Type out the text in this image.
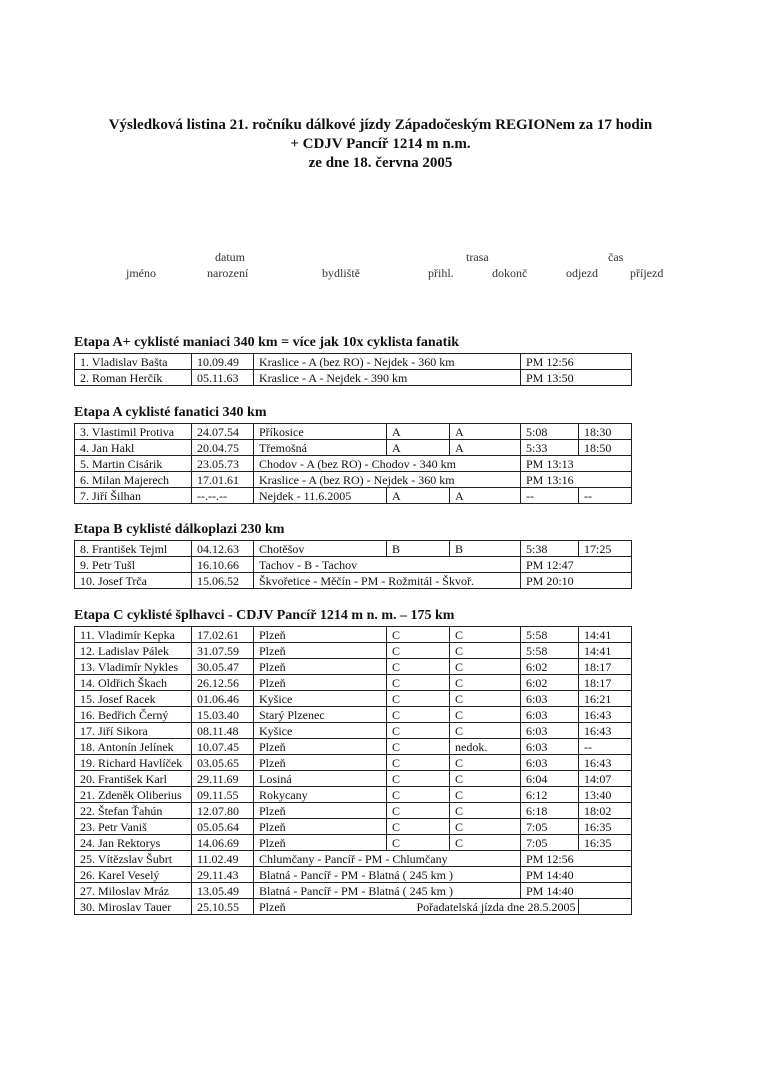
Výsledková listina 21. ročníku dálkové jízdy Západočeským REGIONem za 17 hodin
+ CDJV Pancíř 1214 m n.m.
ze dne 18. června 2005
datum	trasa	čas
jméno	narození	bydliště	přihl.	dokonč	odjezd	příjezd
Etapa A+ cyklisté maniaci 340 km = více jak 10x cyklista fanatik
1. Vladislav Bašta	10.09.49	Kraslice - A (bez RO) - Nejdek - 360 km	PM 12:56
2. Roman Herčík	05.11.63	Kraslice - A - Nejdek - 390 km	PM 13:50
Etapa A cyklisté fanatici 340 km
3. Vlastimil Protiva	24.07.54	Příkosice	A	A	5:08	18:30
4. Jan Hakl	20.04.75	Třemošná	A	A	5:33	18:50
5. Martin Cisárik	23.05.73	Chodov - A (bez RO) - Chodov - 340 km			PM 13:13	
6. Milan Majerech	17.01.61	Kraslice - A (bez RO) - Nejdek - 360 km			PM 13:16	
7. Jiří Šilhan	--.--.--	Nejdek - 11.6.2005	A	A	--	--
Etapa B cyklisté dálkoplazi 230 km
8. František Tejml	04.12.63	Chotěšov	B	B	5:38	17:25
9. Petr Tušl	16.10.66	Tachov - B - Tachov			PM 12:47	
10. Josef Trča	15.06.52	Škvořetice - Měčín - PM - Rožmitál - Škvoř.			PM 20:10	
Etapa C cyklisté šplhavci - CDJV Pancíř 1214 m n. m. – 175 km
11. Vladimír Kepka	17.02.61	Plzeň	C	C	5:58	14:41
12. Ladislav Pálek	31.07.59	Plzeň	C	C	5:58	14:41
13. Vladimír Nykles	30.05.47	Plzeň	C	C	6:02	18:17
14. Oldřich Škach	26.12.56	Plzeň	C	C	6:02	18:17
15. Josef Racek	01.06.46	Kyšice	C	C	6:03	16:21
16. Bedřich Černý	15.03.40	Starý Plzenec	C	C	6:03	16:43
17. Jiří Sikora	08.11.48	Kyšice	C	C	6:03	16:43
18. Antonín Jelínek	10.07.45	Plzeň	C	nedok.	6:03	--
19. Richard Havlíček	03.05.65	Plzeň	C	C	6:03	16:43
20. František Karl	29.11.69	Losiná	C	C	6:04	14:07
21. Zdeněk Oliberius	09.11.55	Rokycany	C	C	6:12	13:40
22. Štefan Ťahún	12.07.80	Plzeň	C	C	6:18	18:02
23. Petr Vaniš	05.05.64	Plzeň	C	C	7:05	16:35
24. Jan Rektorys	14.06.69	Plzeň	C	C	7:05	16:35
25. Vítězslav Šubrt	11.02.49	Chlumčany - Pancíř - PM - Chlumčany			PM 12:56	
26. Karel Veselý	29.11.43	Blatná - Pancíř - PM - Blatná ( 245 km )			PM 14:40	
27. Miloslav Mráz	13.05.49	Blatná - Pancíř - PM - Blatná ( 245 km )			PM 14:40	
30. Miroslav Tauer	25.10.55	Plzeň	Pořadatelská jízda dne 28.5.2005			
